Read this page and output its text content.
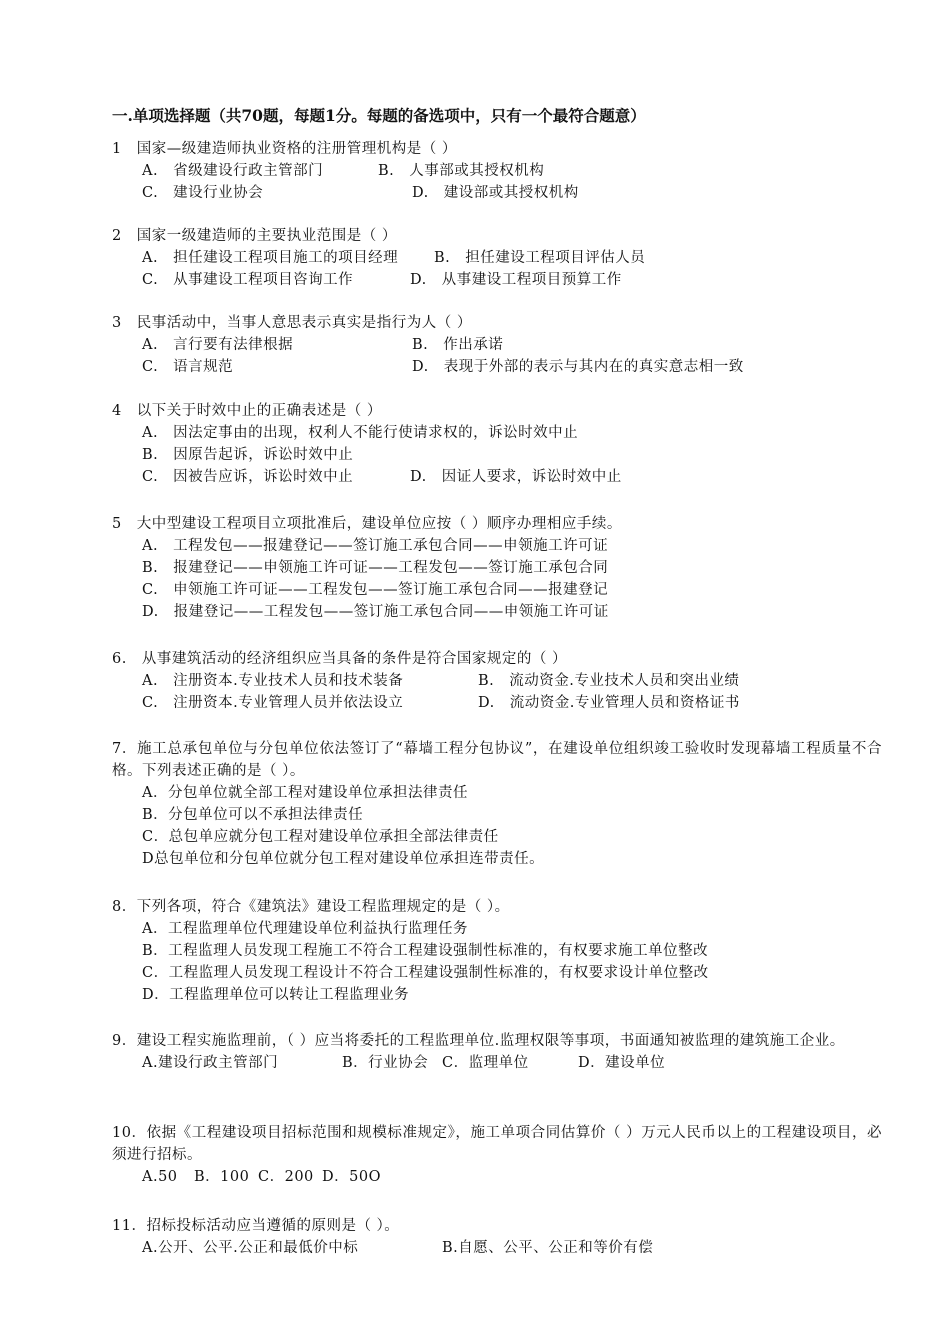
一.单项选择题（共70题，每题1分。每题的备选项中，只有一个最符合题意）
1　国家—级建造师执业资格的注册管理机构是（ ）
A.　省级建设行政主管部门	B.　人事部或其授权机构
C.　建设行业协会	D.　建设部或其授权机构
2　国家一级建造师的主要执业范围是（ ）
A.　担任建设工程项目施工的项目经理 B.　担任建设工程项目评估人员
C.　从事建设工程项目咨询工作	D.　从事建设工程项目预算工作
3　民事活动中，当事人意思表示真实是指行为人（ ）
A.　言行要有法律根据	B.　作出承诺
C.　语言规范	D.　表现于外部的表示与其内在的真实意志相一致
4　以下关于时效中止的正确表述是（ ）
A.　因法定事由的出现，权利人不能行使请求权的，诉讼时效中止
B.　因原告起诉，诉讼时效中止
C.　因被告应诉，诉讼时效中止	D.　因证人要求，诉讼时效中止
5　大中型建设工程项目立项批准后，建设单位应按（ ）顺序办理相应手续。
A.　工程发包——报建登记——签订施工承包合同——申领施工许可证
B.　报建登记——申领施工许可证——工程发包——签订施工承包合同
C.　申领施工许可证——工程发包——签订施工承包合同——报建登记
D.　报建登记——工程发包——签订施工承包合同——申领施工许可证
6.　从事建筑活动的经济组织应当具备的条件是符合国家规定的（ ）
A.　注册资本.专业技术人员和技术装备	B.　流动资金.专业技术人员和突出业绩
C.　注册资本.专业管理人员并依法设立	D.　流动资金.专业管理人员和资格证书
7．施工总承包单位与分包单位依法签订了“幕墙工程分包协议”，在建设单位组织竣工验收时发现幕墙工程质量不合格。下列表述正确的是（ ）。
A．分包单位就全部工程对建设单位承担法律责任
B．分包单位可以不承担法律责任
C．总包单应就分包工程对建设单位承担全部法律责任
D总包单位和分包单位就分包工程对建设单位承担连带责任。
8．下列各项，符合《建筑法》建设工程监理规定的是（ ）。
A．工程监理单位代理建设单位利益执行监理任务
B．工程监理人员发现工程施工不符合工程建设强制性标准的，有权要求施工单位整改
C．工程监理人员发现工程设计不符合工程建设强制性标准的，有权要求设计单位整改
D．工程监理单位可以转让工程监理业务
9．建设工程实施监理前，（ ）应当将委托的工程监理单位.监理权限等事项，书面通知被监理的建筑施工企业。
A.建设行政主管部门	B．行业协会 C．监理单位	D．建设单位
10．依据《工程建设项目招标范围和规模标准规定》，施工单项合同估算价（ ）万元人民币以上的工程建设项目，必须进行招标。
A.50 B．100 C．200 D．50O
11．招标投标活动应当遵循的原则是（ ）。
A.公开、公平.公正和最低价中标	B.自愿、公平、公正和等价有偿
